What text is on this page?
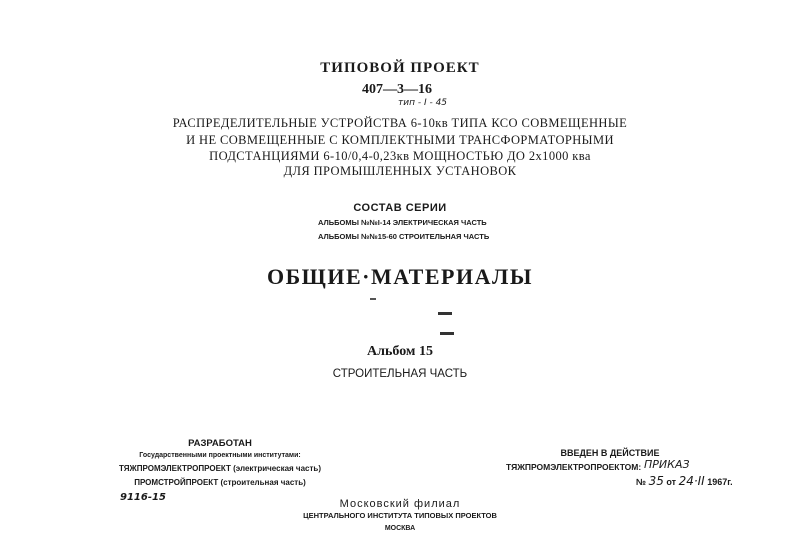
ТИПОВОЙ ПРОЕКТ
407—3—16
тип - I - 45
РАСПРЕДЕЛИТЕЛЬНЫЕ УСТРОЙСТВА 6-10кв ТИПА КСО СОВМЕЩЕННЫЕ
И НЕ СОВМЕЩЕННЫЕ С КОМПЛЕКТНЫМИ ТРАНСФОРМАТОРНЫМИ
ПОДСТАНЦИЯМИ 6-10/0,4-0,23кв МОЩНОСТЬЮ ДО 2х1000 ква
ДЛЯ ПРОМЫШЛЕННЫХ УСТАНОВОК
СОСТАВ СЕРИИ
АЛЬБОМЫ №№I-14 ЭЛЕКТРИЧЕСКАЯ ЧАСТЬ
АЛЬБОМЫ №№15-60 СТРОИТЕЛЬНАЯ ЧАСТЬ
ОБЩИЕ·МАТЕРИАЛЫ
Альбом 15
СТРОИТЕЛЬНАЯ ЧАСТЬ
РАЗРАБОТАН
Государственными проектными институтами:
ТЯЖПРОМЭЛЕКТРОПРОЕКТ (электрическая часть)
ПРОМСТРОЙПРОЕКТ (строительная часть)
9116-15
ВВЕДЕН В ДЕЙСТВИЕ
ТЯЖПРОМЭЛЕКТРОПРОЕКТОМ: ПРИКАЗ
№ 35 от 24·II 1967г.
Московский филиал
ЦЕНТРАЛЬНОГО ИНСТИТУТА ТИПОВЫХ ПРОЕКТОВ
МОСКВА
